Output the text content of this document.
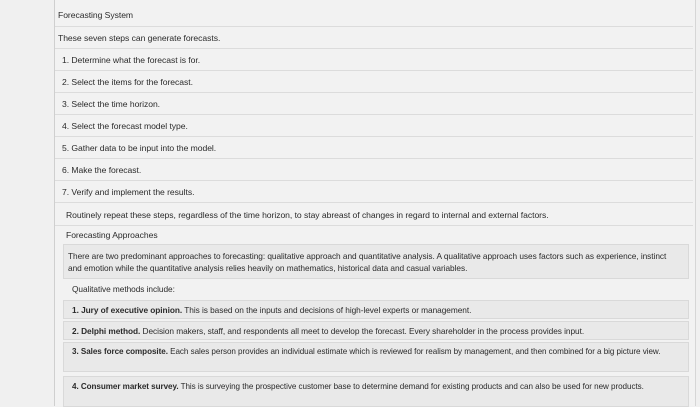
Forecasting System
These seven steps can generate forecasts.
1. Determine what the forecast is for.
2. Select the items for the forecast.
3. Select the time horizon.
4. Select the forecast model type.
5. Gather data to be input into the model.
6. Make the forecast.
7. Verify and implement the results.
Routinely repeat these steps, regardless of the time horizon, to stay abreast of changes in regard to internal and external factors.
Forecasting Approaches
There are two predominant approaches to forecasting: qualitative approach and quantitative analysis. A qualitative approach uses factors such as experience, instinct and emotion while the quantitative analysis relies heavily on mathematics, historical data and casual variables.
Qualitative methods include:
1. Jury of executive opinion. This is based on the inputs and decisions of high-level experts or management.
2. Delphi method. Decision makers, staff, and respondents all meet to develop the forecast. Every shareholder in the process provides input.
3. Sales force composite. Each sales person provides an individual estimate which is reviewed for realism by management, and then combined for a big picture view.
4. Consumer market survey. This is surveying the prospective customer base to determine demand for existing products and can also be used for new products.
